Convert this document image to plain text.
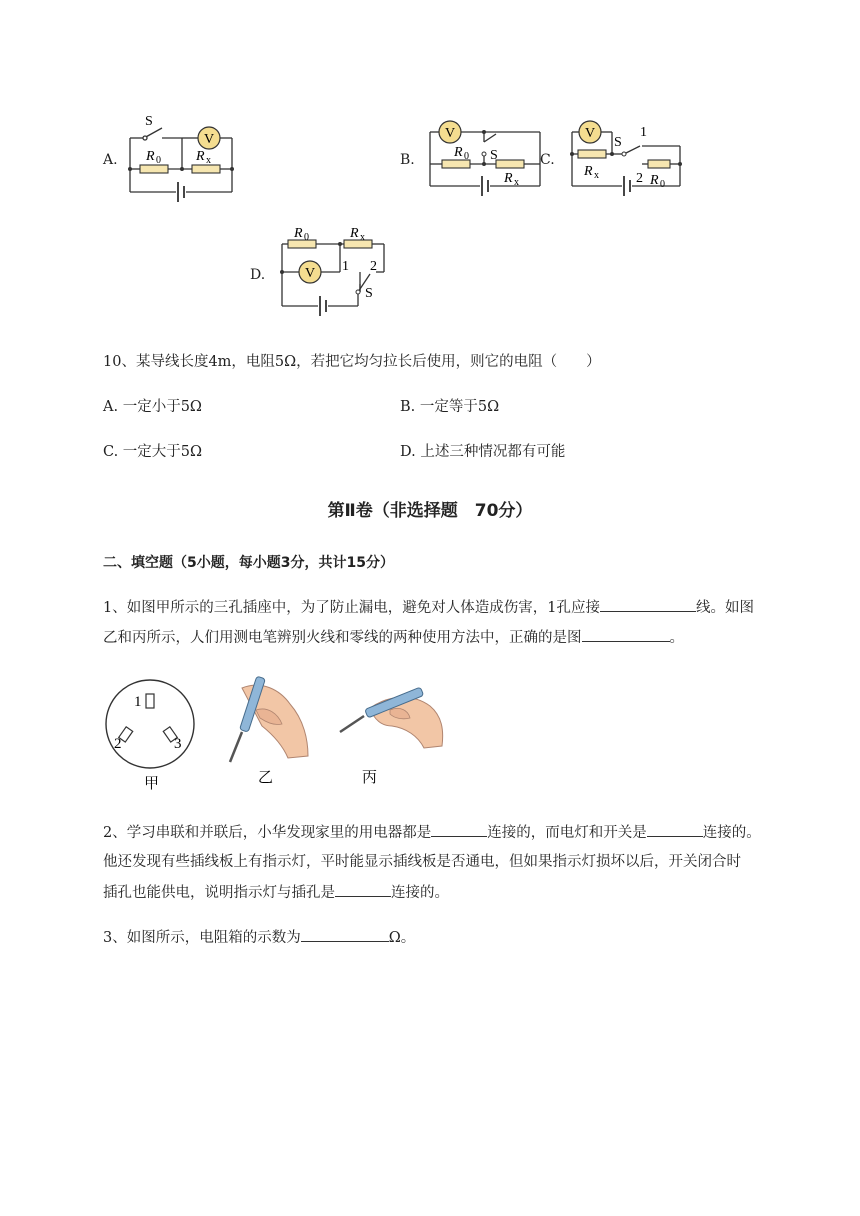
A.
V
S
R 0	R x	B.
V
S
R 0
R x
C.
V
S
1
2
R x	R 0
D.	V 1 2
S
R 0	R x
10、某导线长度4m，电阻5Ω，若把它均匀拉长后使用，则它的电阻（　　）
A. 一定小于5Ω	B. 一定等于5Ω
C. 一定大于5Ω	D. 上述三种情况都有可能
第Ⅱ卷（非选择题　70分）
二、填空题（5小题，每小题3分，共计15分）
1、如图甲所示的三孔插座中，为了防止漏电，避免对人体造成伤害，1孔应接	线。如图
乙和丙所示，人们用测电笔辨别火线和零线的两种使用方法中，正确的是图	。
1
2	3
甲	乙	丙
2、学习串联和并联后，小华发现家里的用电器都是	连接的，而电灯和开关是	连接的。
他还发现有些插线板上有指示灯，平时能显示插线板是否通电，但如果指示灯损坏以后，开关闭合时
插孔也能供电，说明指示灯与插孔是	连接的。
3、如图所示，电阻箱的示数为	Ω。
